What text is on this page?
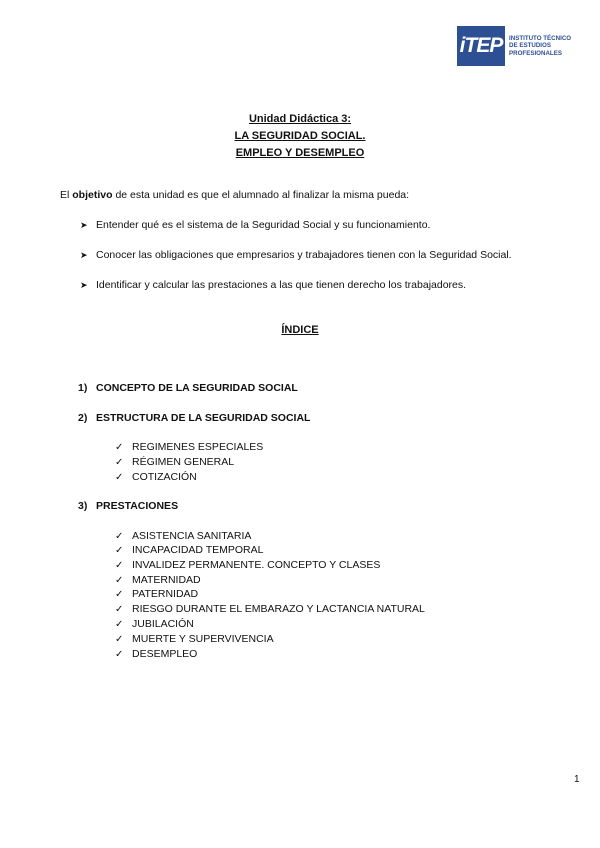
iTEP	INSTITUTO TÉCNICO
DE ESTUDIOS
PROFESIONALES
Unidad Didáctica 3:
LA SEGURIDAD SOCIAL.
EMPLEO Y DESEMPLEO
El objetivo de esta unidad es que el alumnado al finalizar la misma pueda:
➤ Entender qué es el sistema de la Seguridad Social y su funcionamiento.
➤ Conocer las obligaciones que empresarios y trabajadores tienen con la Seguridad Social.
➤ Identificar y calcular las prestaciones a las que tienen derecho los trabajadores.
ÍNDICE
1) CONCEPTO DE LA SEGURIDAD SOCIAL
2) ESTRUCTURA DE LA SEGURIDAD SOCIAL
✓ REGIMENES ESPECIALES
✓ RÉGIMEN GENERAL
✓ COTIZACIÓN
3) PRESTACIONES
✓ ASISTENCIA SANITARIA
✓ INCAPACIDAD TEMPORAL
✓ INVALIDEZ PERMANENTE. CONCEPTO Y CLASES
✓ MATERNIDAD
✓ PATERNIDAD
✓ RIESGO DURANTE EL EMBARAZO Y LACTANCIA NATURAL
✓ JUBILACIÓN
✓ MUERTE Y SUPERVIVENCIA
✓ DESEMPLEO
1
